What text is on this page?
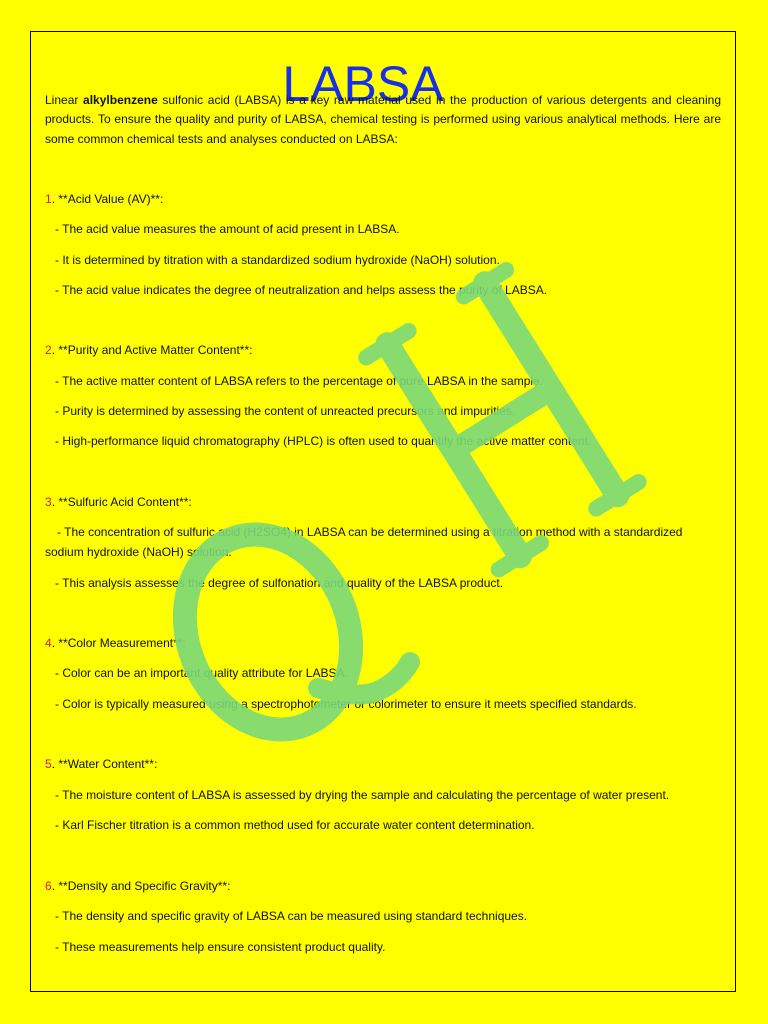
LABSA
Linear alkylbenzene sulfonic acid (LABSA) is a key raw material used in the production of various detergents and cleaning products. To ensure the quality and purity of LABSA, chemical testing is performed using various analytical methods. Here are some common chemical tests and analyses conducted on LABSA:
1. **Acid Value (AV)**:
- The acid value measures the amount of acid present in LABSA.
- It is determined by titration with a standardized sodium hydroxide (NaOH) solution.
- The acid value indicates the degree of neutralization and helps assess the purity of LABSA.
2. **Purity and Active Matter Content**:
- The active matter content of LABSA refers to the percentage of pure LABSA in the sample.
- Purity is determined by assessing the content of unreacted precursors and impurities.
- High-performance liquid chromatography (HPLC) is often used to quantify the active matter content.
3. **Sulfuric Acid Content**:
- The concentration of sulfuric acid (H2SO4) in LABSA can be determined using a titration method with a standardized sodium hydroxide (NaOH) solution.
- This analysis assesses the degree of sulfonation and quality of the LABSA product.
4. **Color Measurement**:
- Color can be an important quality attribute for LABSA.
- Color is typically measured using a spectrophotometer or colorimeter to ensure it meets specified standards.
5. **Water Content**:
- The moisture content of LABSA is assessed by drying the sample and calculating the percentage of water present.
- Karl Fischer titration is a common method used for accurate water content determination.
6. **Density and Specific Gravity**:
- The density and specific gravity of LABSA can be measured using standard techniques.
- These measurements help ensure consistent product quality.
